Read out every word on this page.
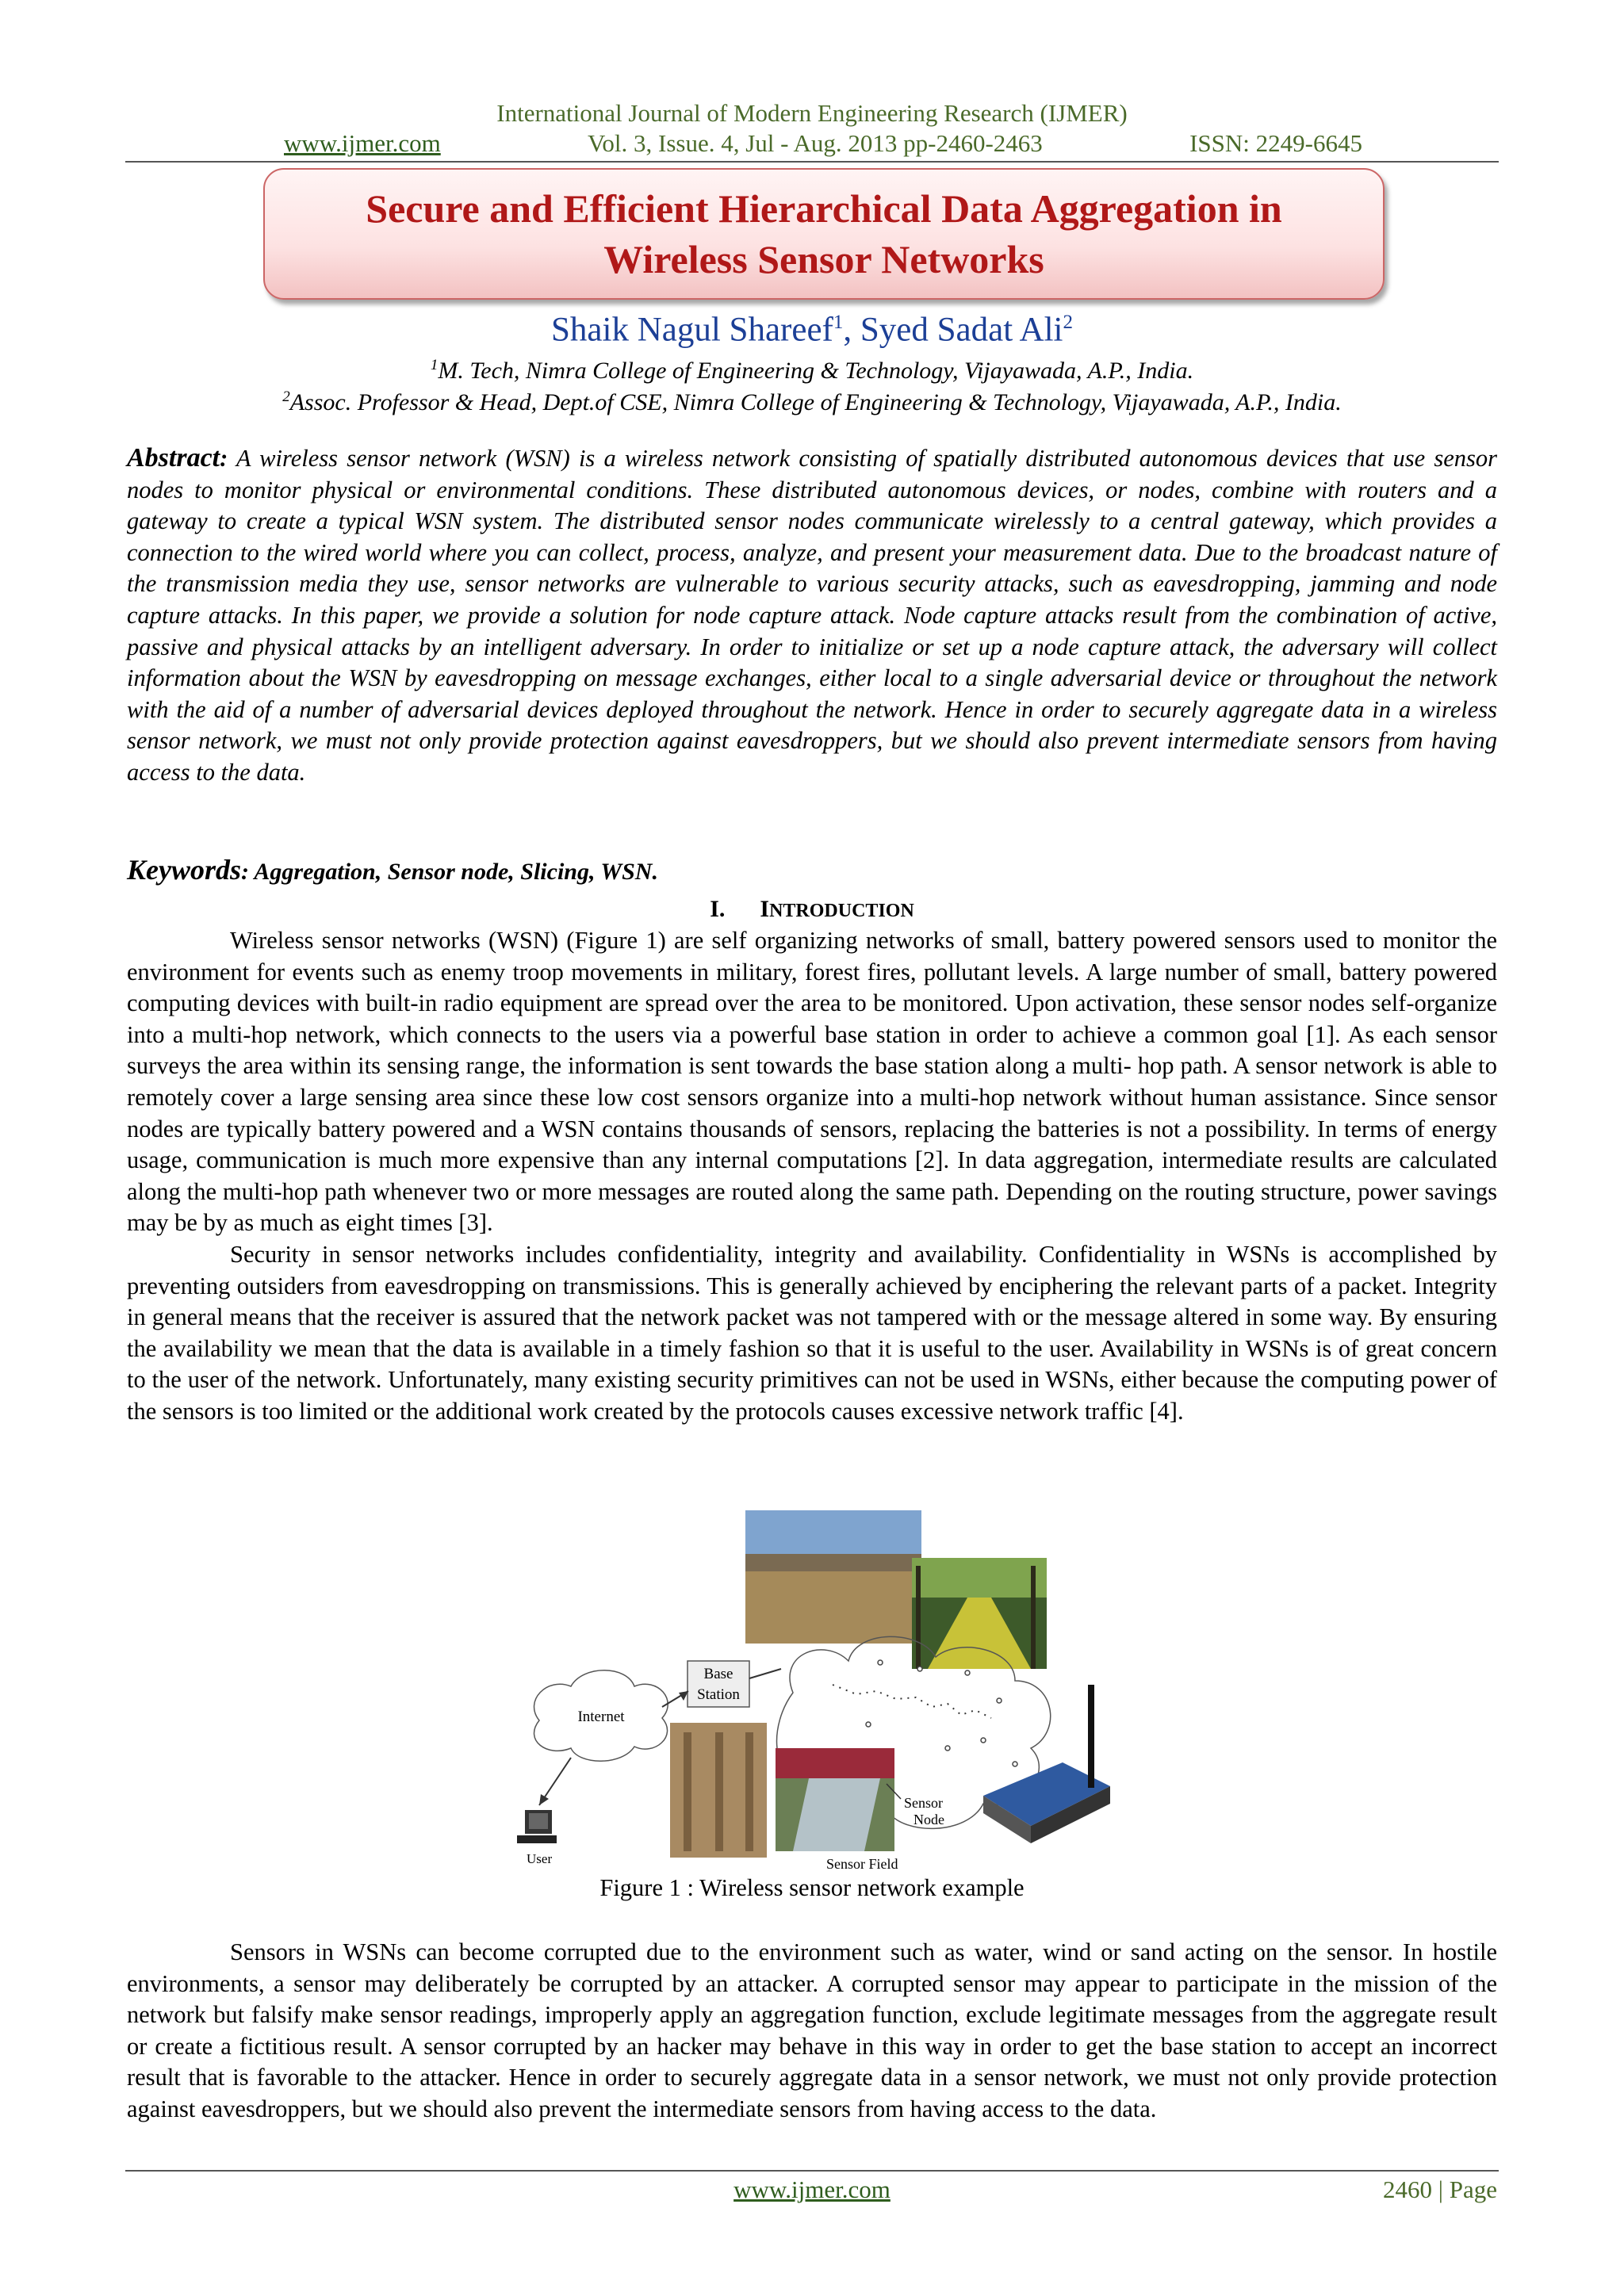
International Journal of Modern Engineering Research (IJMER)
www.ijmer.com	Vol. 3, Issue. 4, Jul - Aug. 2013 pp-2460-2463	ISSN: 2249-6645
Secure and Efficient Hierarchical Data Aggregation in
Wireless Sensor Networks
Shaik Nagul Shareef$^1$, Syed Sadat Ali$^2$
$^1$M. Tech, Nimra College of Engineering & Technology, Vijayawada, A.P., India.
$^2$Assoc. Professor & Head, Dept.of CSE, Nimra College of Engineering & Technology, Vijayawada, A.P., India.
Abstract: A wireless sensor network (WSN) is a wireless network consisting of spatially distributed autonomous devices that use sensor nodes to monitor physical or environmental conditions. These distributed autonomous devices, or nodes, combine with routers and a gateway to create a typical WSN system. The distributed sensor nodes communicate wirelessly to a central gateway, which provides a connection to the wired world where you can collect, process, analyze, and present your measurement data. Due to the broadcast nature of the transmission media they use, sensor networks are vulnerable to various security attacks, such as eavesdropping, jamming and node capture attacks. In this paper, we provide a solution for node capture attack. Node capture attacks result from the combination of active, passive and physical attacks by an intelligent adversary. In order to initialize or set up a node capture attack, the adversary will collect information about the WSN by eavesdropping on message exchanges, either local to a single adversarial device or throughout the network with the aid of a number of adversarial devices deployed throughout the network. Hence in order to securely aggregate data in a wireless sensor network, we must not only provide protection against eavesdroppers, but we should also prevent intermediate sensors from having access to the data.
Keywords: Aggregation, Sensor node, Slicing, WSN.
I. INTRODUCTION

Wireless sensor networks (WSN) (Figure 1) are self organizing networks of small, battery powered sensors used to monitor the environment for events such as enemy troop movements in military, forest fires, pollutant levels. A large number of small, battery powered computing devices with built-in radio equipment are spread over the area to be monitored. Upon activation, these sensor nodes self-organize into a multi-hop network, which connects to the users via a powerful base station in order to achieve a common goal [1]. As each sensor surveys the area within its sensing range, the information is sent towards the base station along a multi- hop path. A sensor network is able to remotely cover a large sensing area since these low cost sensors organize into a multi-hop network without human assistance. Since sensor nodes are typically battery powered and a WSN contains thousands of sensors, replacing the batteries is not a possibility. In terms of energy usage, communication is much more expensive than any internal computations [2]. In data aggregation, intermediate results are calculated along the multi-hop path whenever two or more messages are routed along the same path. Depending on the routing structure, power savings may be by as much as eight times [3].

Security in sensor networks includes confidentiality, integrity and availability. Confidentiality in WSNs is accomplished by preventing outsiders from eavesdropping on transmissions. This is generally achieved by enciphering the relevant parts of a packet. Integrity in general means that the receiver is assured that the network packet was not tampered with or the message altered in some way. By ensuring the availability we mean that the data is available in a timely fashion so that it is useful to the user. Availability in WSNs is of great concern to the user of the network. Unfortunately, many existing security primitives can not be used in WSNs, either because the computing power of the sensors is too limited or the additional work created by the protocols causes excessive network traffic [4].

Base
Station
Internet
User
Sensor
Node
Sensor Field
Figure 1 : Wireless sensor network example

Sensors in WSNs can become corrupted due to the environment such as water, wind or sand acting on the sensor. In hostile environments, a sensor may deliberately be corrupted by an attacker. A corrupted sensor may appear to participate in the mission of the network but falsify make sensor readings, improperly apply an aggregation function, exclude legitimate messages from the aggregate result or create a fictitious result. A sensor corrupted by an hacker may behave in this way in order to get the base station to accept an incorrect result that is favorable to the attacker. Hence in order to securely aggregate data in a sensor network, we must not only provide protection against eavesdroppers, but we should also prevent the intermediate sensors from having access to the data.

www.ijmer.com	2460 | Page
